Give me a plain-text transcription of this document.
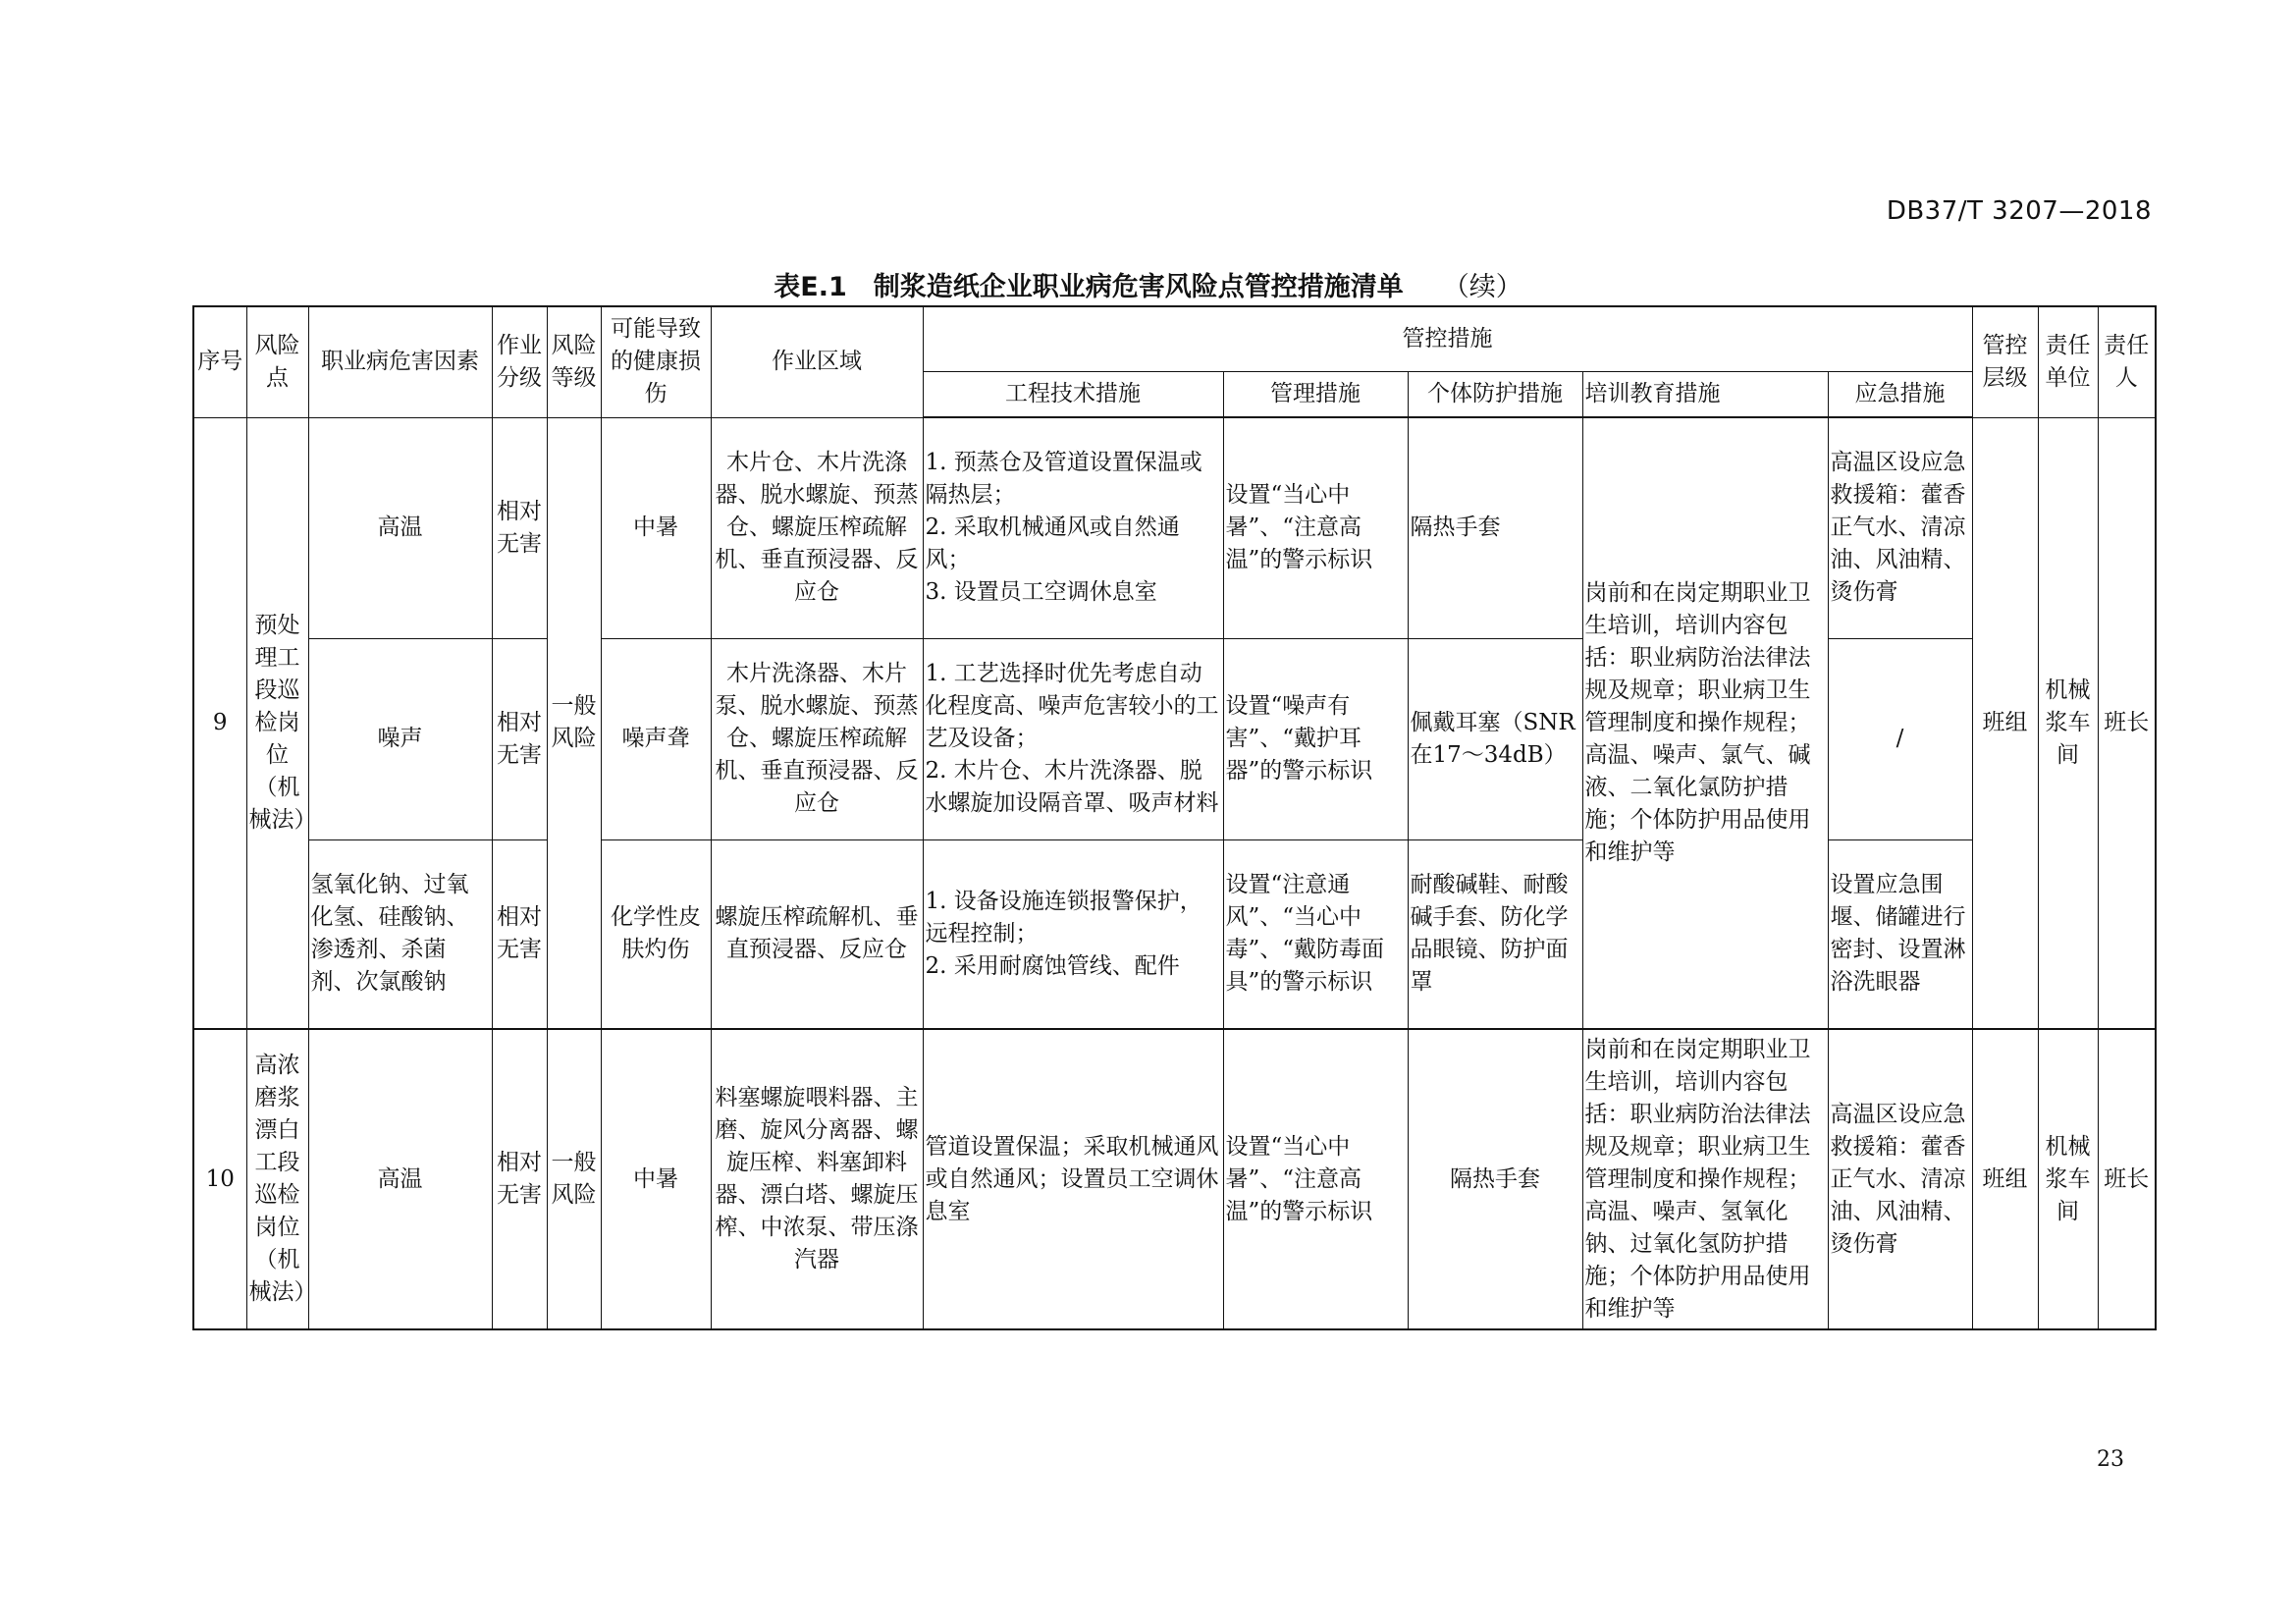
DB37/T 3207—2018
表E.1　制浆造纸企业职业病危害风险点管控措施清单 （续）
序号	风险点	职业病危害因素	作业分级	风险等级	可能导致的健康损伤	作业区域	管控措施					管控层级	责任单位	责任人
							工程技术措施	管理措施	个体防护措施	培训教育措施	应急措施			
9	预处理工段巡检岗位（机械法）	高温	相对无害	一般风险	中暑	木片仓、木片洗涤器、脱水螺旋、预蒸仓、螺旋压榨疏解机、垂直预浸器、反应仓	1. 预蒸仓及管道设置保温或隔热层；
2. 采取机械通风或自然通风；
3. 设置员工空调休息室	设置“当心中暑”、“注意高温”的警示标识	隔热手套	岗前和在岗定期职业卫生培训，培训内容包括：职业病防治法律法规及规章；职业病卫生管理制度和操作规程；高温、噪声、氯气、碱液、二氧化氯防护措施；个体防护用品使用和维护等	高温区设应急救援箱：藿香正气水、清凉油、风油精、烫伤膏	班组	机械浆车间	班长
		噪声	相对无害		噪声聋	木片洗涤器、木片泵、脱水螺旋、预蒸仓、螺旋压榨疏解机、垂直预浸器、反应仓	1. 工艺选择时优先考虑自动化程度高、噪声危害较小的工艺及设备；
2. 木片仓、木片洗涤器、脱水螺旋加设隔音罩、吸声材料	设置“噪声有害”、“戴护耳器”的警示标识	佩戴耳塞（SNR在17～34dB）		/			
		氢氧化钠、过氧化氢、硅酸钠、渗透剂、杀菌剂、次氯酸钠	相对无害		化学性皮肤灼伤	螺旋压榨疏解机、垂直预浸器、反应仓	1. 设备设施连锁报警保护，远程控制；
2. 采用耐腐蚀管线、配件	设置“注意通风”、“当心中毒”、“戴防毒面具”的警示标识	耐酸碱鞋、耐酸碱手套、防化学品眼镜、防护面罩		设置应急围堰、储罐进行密封、设置淋浴洗眼器			
10	高浓磨浆漂白工段巡检岗位（机械法）	高温	相对无害	一般风险	中暑	料塞螺旋喂料器、主磨、旋风分离器、螺旋压榨、料塞卸料器、漂白塔、螺旋压榨、中浓泵、带压涤汽器	管道设置保温；采取机械通风或自然通风；设置员工空调休息室	设置“当心中暑”、“注意高温”的警示标识	隔热手套	岗前和在岗定期职业卫生培训，培训内容包括：职业病防治法律法规及规章；职业病卫生管理制度和操作规程；高温、噪声、氢氧化钠、过氧化氢防护措施；个体防护用品使用和维护等	高温区设应急救援箱：藿香正气水、清凉油、风油精、烫伤膏	班组	机械浆车间	班长
23
